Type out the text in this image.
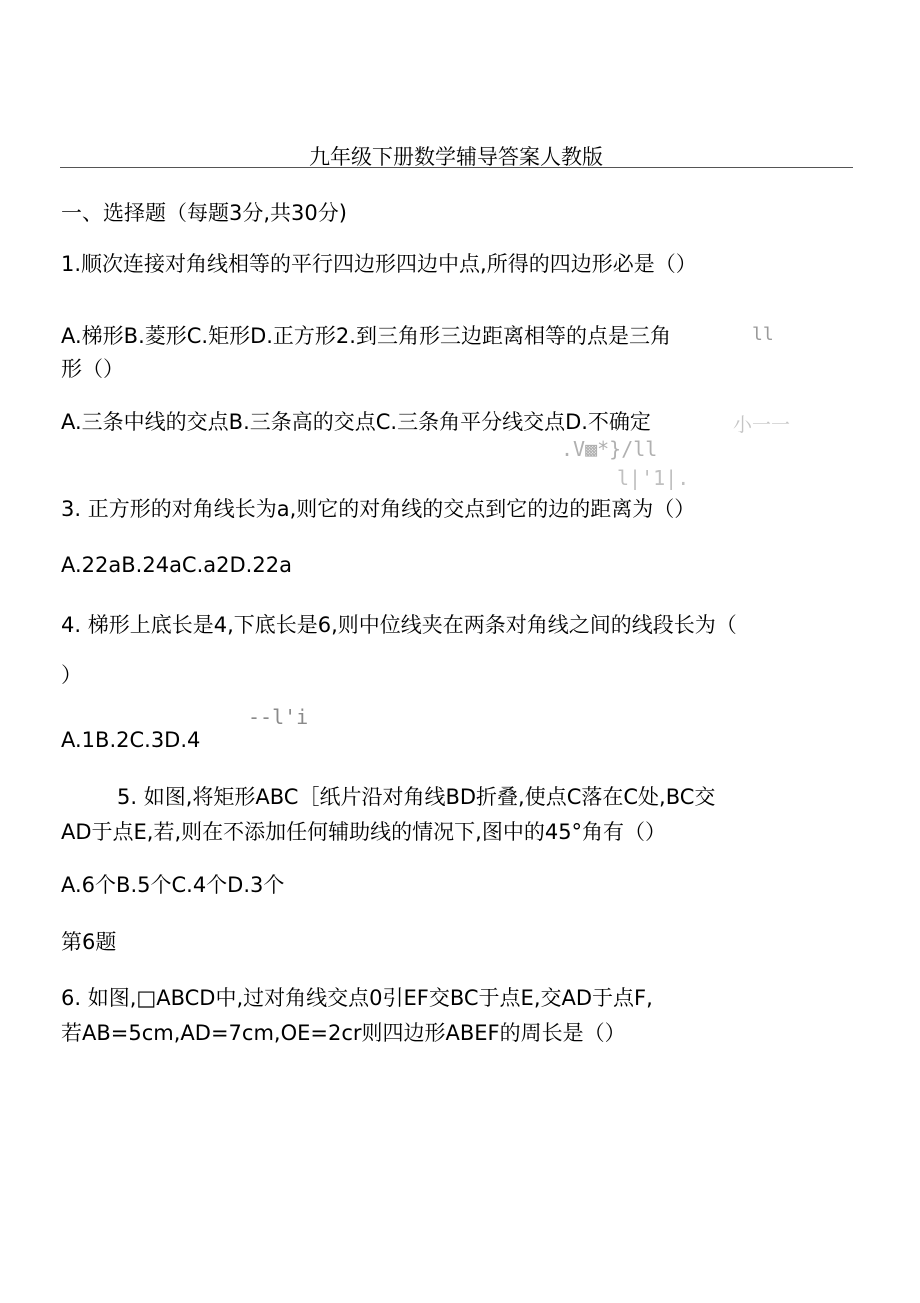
九年级下册数学辅导答案人教版
一、选择题（每题3分,共30分)
1.顺次连接对角线相等的平行四边形四边中点,所得的四边形必是（）
A.梯形B.菱形C.矩形D.正方形2.到三角形三边距离相等的点是三角
形（）
A.三条中线的交点B.三条高的交点C.三条角平分线交点D.不确定
3. 正方形的对角线长为a,则它的对角线的交点到它的边的距离为（）
A.22aB.24aC.a2D.22a
4. 梯形上底长是4,下底长是6,则中位线夹在两条对角线之间的线段长为（
）
A.1B.2C.3D.4
5. 如图,将矩形ABC［纸片沿对角线BD折叠,使点C落在C处,BC交
AD于点E,若,则在不添加任何辅助线的情况下,图中的45°角有（）
A.6个B.5个C.4个D.3个
第6题
6. 如图,□ABCD中,过对角线交点0引EF交BC于点E,交AD于点F,
若AB=5cm,AD=7cm,OE=2cr则四边形ABEF的周长是（）
ll
小一一
.V▩*}/ll
l|'1|.
--l'i
